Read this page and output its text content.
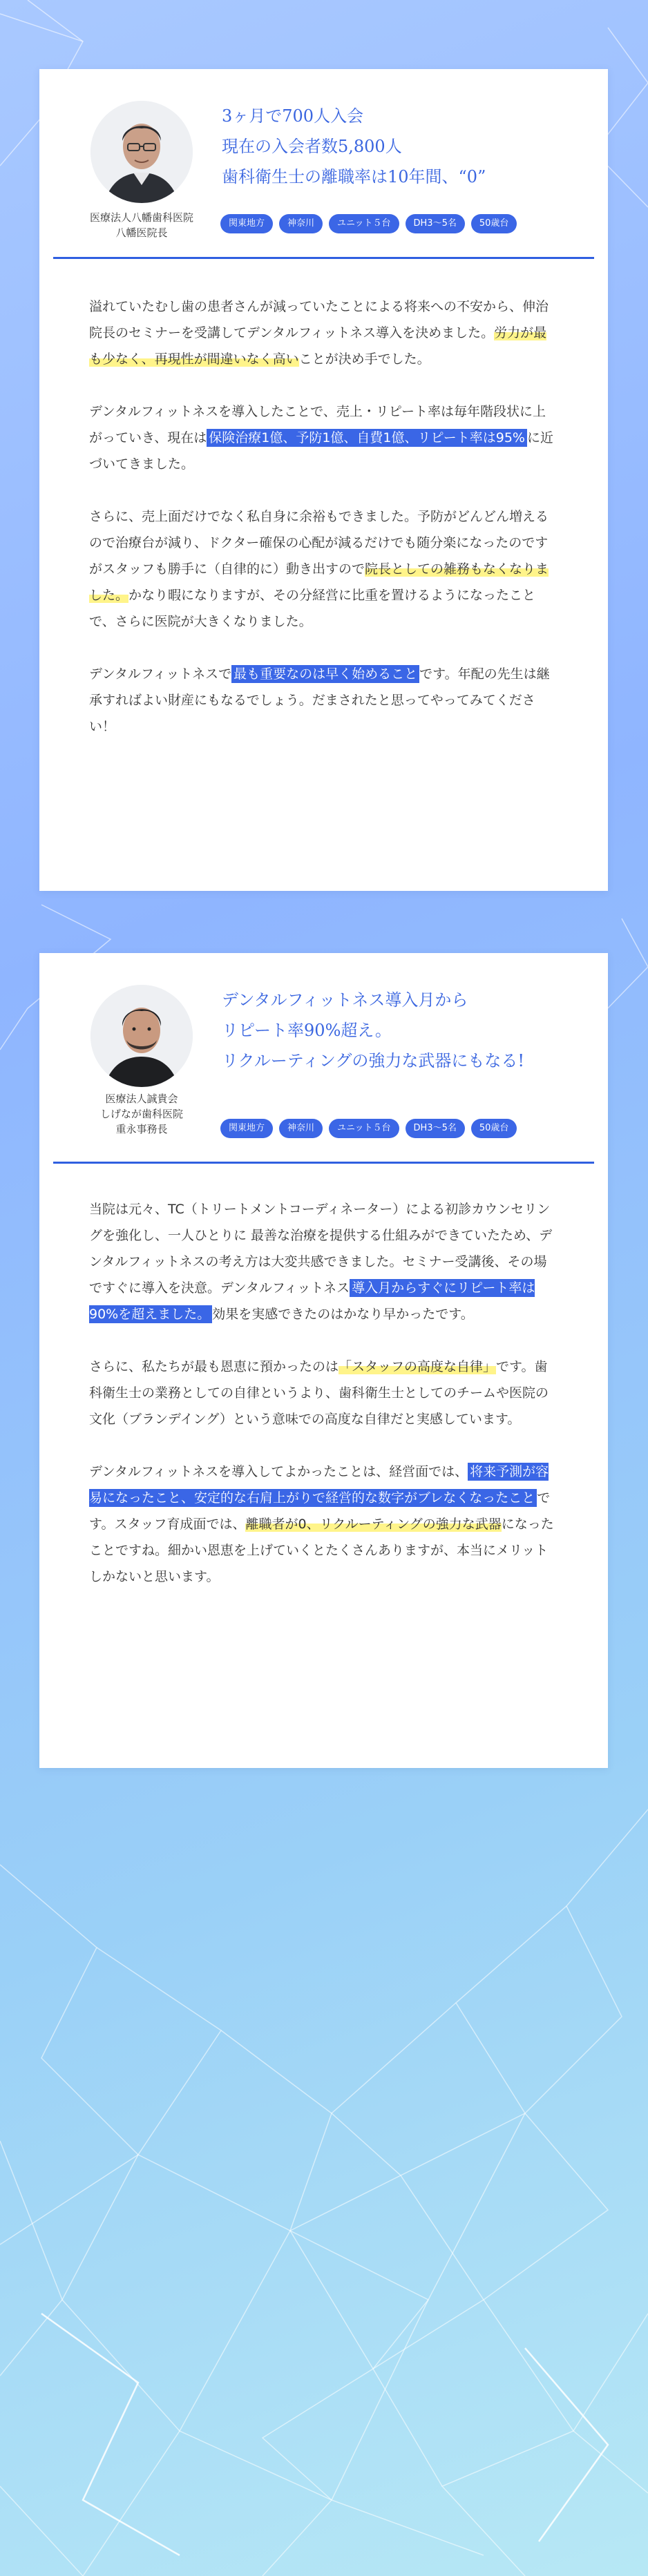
医療法人八幡歯科医院
八幡医院長
3ヶ月で700人入会
現在の入会者数5,800人
歯科衛生士の離職率は10年間、“0”
関東地方	神奈川	ユニット５台	DH3〜5名	50歳台

溢れていたむし歯の患者さんが減っていたことによる将来への不安から、伸治院長のセミナーを受講してデンタルフィットネス導入を決めました。労力が最も少なく、再現性が間違いなく高いことが決め手でした。

デンタルフィットネスを導入したことで、売上・リピート率は毎年階段状に上がっていき、現在は 保険治療1億、予防1億、自費1億、リピート率は95% に近づいてきました。

さらに、売上面だけでなく私自身に余裕もできました。予防がどんどん増えるので治療台が減り、ドクター確保の心配が減るだけでも随分楽になったのですがスタッフも勝手に（自律的に）動き出すので院長としての雑務もなくなりました。かなり暇になりますが、その分経営に比重を置けるようになったことで、さらに医院が大きくなりました。

デンタルフィットネスで 最も重要なのは早く始めること です。年配の先生は継承すればよい財産にもなるでしょう。だまされたと思ってやってみてください！

医療法人誠貴会
しげなが歯科医院
重永事務長
デンタルフィットネス導入月から
リピート率90%超え。
リクルーティングの強力な武器にもなる!
関東地方	神奈川	ユニット５台	DH3〜5名	50歳台

当院は元々、TC（トリートメントコーディネーター）による初診カウンセリングを強化し、一人ひとりに 最善な治療を提供する仕組みができていたため、デ ンタルフィットネスの考え方は大変共感できました。セミナー受講後、その場ですぐに導入を決意。デンタルフィットネス 導入月からすぐにリピート率は90%を超えました。 効果を実感できたのはかなり早かったです。

さらに、私たちが最も恩恵に預かったのは「スタッフの高度な自律」です。歯科衛生士の業務としての自律というより、歯科衛生士としてのチームや医院の文化（ブランデイング）という意味での高度な自律だと実感しています。

デンタルフィットネスを導入してよかったことは、経営面では、 将来予測が容易になったこと、安定的な右肩上がりで経営的な数字がブレなくなったこと です。スタッフ育成面では、離職者が0、リクルーティングの強力な武器になったことですね。細かい恩恵を上げていくとたくさんありますが、本当にメリットしかないと思います。
